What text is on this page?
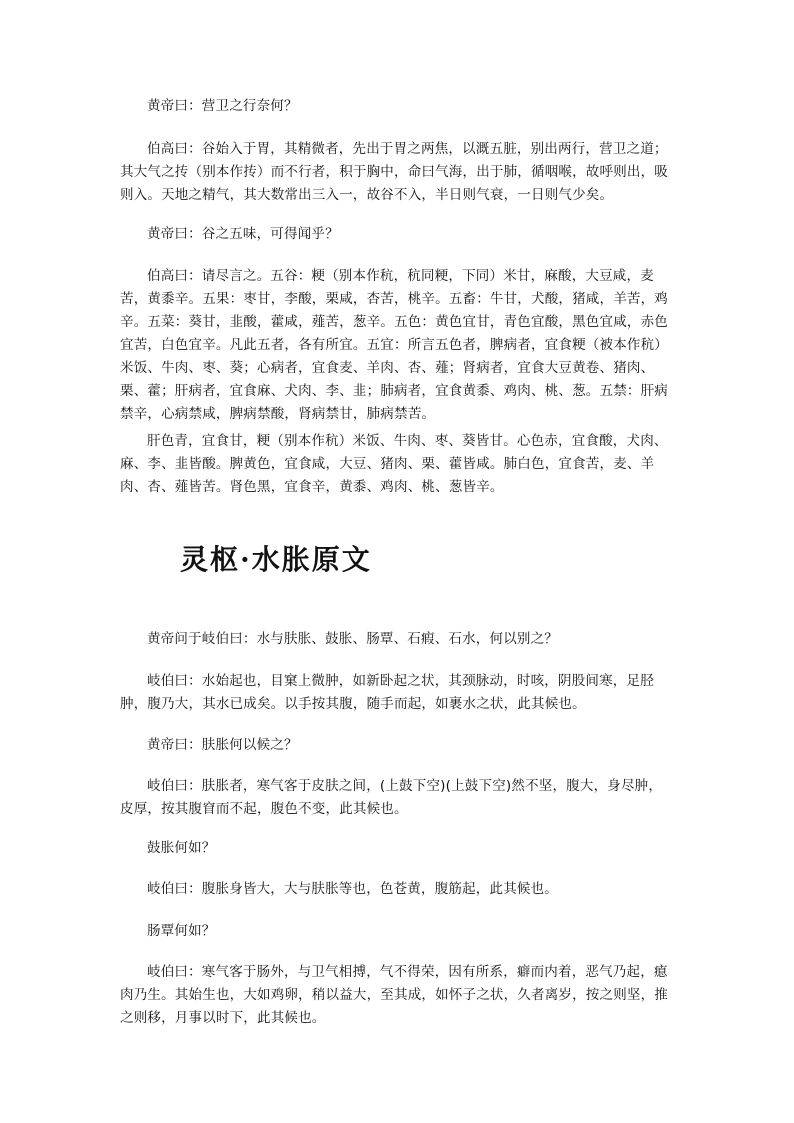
黄帝曰：营卫之行奈何？

伯高曰：谷始入于胃，其精微者，先出于胃之两焦，以溉五脏，别出两行，营卫之道；其大气之抟（别本作抟）而不行者，积于胸中，命曰气海，出于肺，循咽喉，故呼则出，吸则入。天地之精气，其大数常出三入一，故谷不入，半日则气衰，一日则气少矣。

黄帝曰：谷之五味，可得闻乎？

伯高曰：请尽言之。五谷：粳（别本作秔，秔同粳，下同）米甘，麻酸，大豆咸，麦苦，黄黍辛。五果：枣甘，李酸，栗咸，杏苦，桃辛。五畜：牛甘，犬酸，猪咸，羊苦，鸡辛。五菜：葵甘，韭酸，藿咸，薤苦，葱辛。五色：黄色宜甘，青色宜酸，黑色宜咸，赤色宜苦，白色宜辛。凡此五者，各有所宜。五宜：所言五色者，脾病者，宜食粳（被本作秔）米饭、牛肉、枣、葵；心病者，宜食麦、羊肉、杏、薤；肾病者，宜食大豆黄卷、猪肉、栗、藿；肝病者，宜食麻、犬肉、李、韭；肺病者，宜食黄黍、鸡肉、桃、葱。五禁：肝病禁辛，心病禁咸，脾病禁酸，肾病禁甘，肺病禁苦。

肝色青，宜食甘，粳（别本作秔）米饭、牛肉、枣、葵皆甘。心色赤，宜食酸，犬肉、麻、李、韭皆酸。脾黄色，宜食咸，大豆、猪肉、栗、藿皆咸。肺白色，宜食苦，麦、羊肉、杏、薤皆苦。肾色黑，宜食辛，黄黍、鸡肉、桃、葱皆辛。

灵枢·水胀原文

黄帝问于岐伯曰：水与肤胀、鼓胀、肠覃、石瘕、石水，何以别之？

岐伯曰：水始起也，目窠上微肿，如新卧起之状，其颈脉动，时咳，阴股间寒，足胫肿，腹乃大，其水已成矣。以手按其腹，随手而起，如裹水之状，此其候也。

黄帝曰：肤胀何以候之？

岐伯曰：肤胀者，寒气客于皮肤之间，(上鼓下空)(上鼓下空)然不坚，腹大，身尽肿，皮厚，按其腹窅而不起，腹色不变，此其候也。

鼓胀何如？

岐伯曰：腹胀身皆大，大与肤胀等也，色苍黄，腹筋起，此其候也。

肠覃何如？

岐伯曰：寒气客于肠外，与卫气相搏，气不得荣，因有所系，癖而内着，恶气乃起，瘜肉乃生。其始生也，大如鸡卵，稍以益大，至其成，如怀子之状，久者离岁，按之则坚，推之则移，月事以时下，此其候也。
